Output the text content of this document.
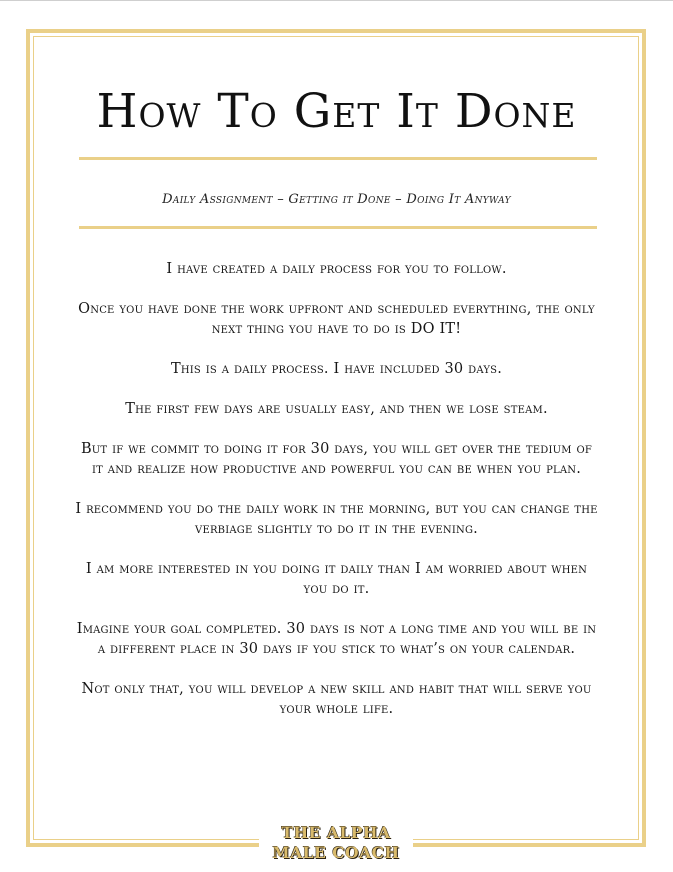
How To Get It Done
Daily Assignment – Getting it Done – Doing It Anyway

I have created a daily process for you to follow.

Once you have done the work upfront and scheduled everything, the only next thing you have to do is DO IT!

This is a daily process. I have included 30 days.

The first few days are usually easy, and then we lose steam.

But if we commit to doing it for 30 days, you will get over the tedium of it and realize how productive and powerful you can be when you plan.

I recommend you do the daily work in the morning, but you can change the verbiage slightly to do it in the evening.

I am more interested in you doing it daily than I am worried about when you do it.

Imagine your goal completed. 30 days is not a long time and you will be in a different place in 30 days if you stick to what’s on your calendar.

Not only that, you will develop a new skill and habit that will serve you your whole life.

THE ALPHA
MALE COACH
